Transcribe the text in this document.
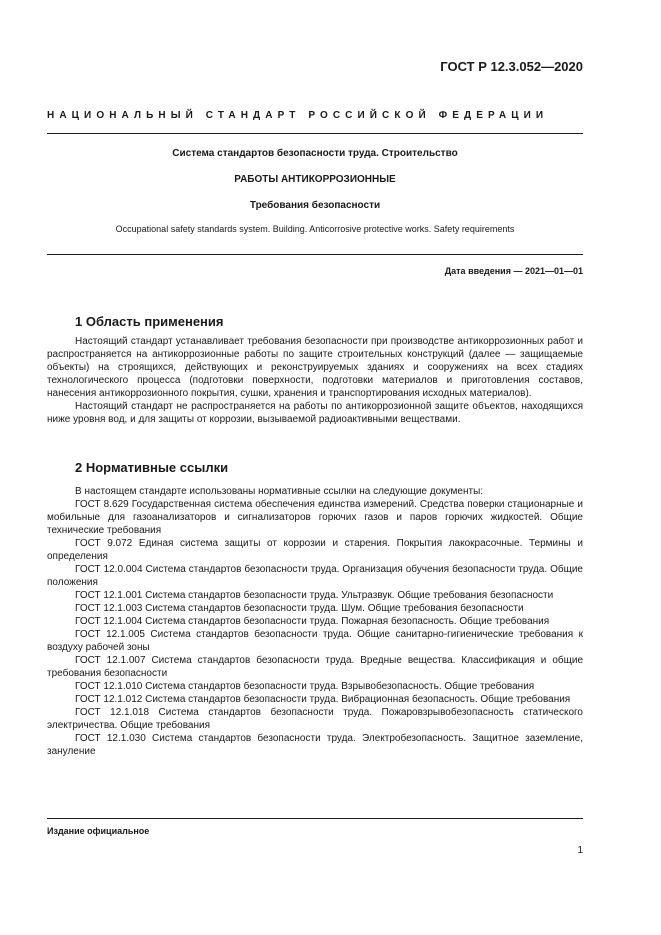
ГОСТ Р 12.3.052—2020
НАЦИОНАЛЬНЫЙ СТАНДАРТ РОССИЙСКОЙ ФЕДЕРАЦИИ
Система стандартов безопасности труда. Строительство
РАБОТЫ АНТИКОРРОЗИОННЫЕ
Требования безопасности
Occupational safety standards system. Building. Anticorrosive protective works. Safety requirements
Дата введения — 2021—01—01
1 Область применения

Настоящий стандарт устанавливает требования безопасности при производстве антикоррозионных работ и распространяется на антикоррозионные работы по защите строительных конструкций (далее — защищаемые объекты) на строящихся, действующих и реконструируемых зданиях и сооружениях на всех стадиях технологического процесса (подготовки поверхности, подготовки материалов и приготовления составов, нанесения антикоррозионного покрытия, сушки, хранения и транспортирования исходных материалов).

Настоящий стандарт не распространяется на работы по антикоррозионной защите объектов, находящихся ниже уровня вод, и для защиты от коррозии, вызываемой радиоактивными веществами.

2 Нормативные ссылки

В настоящем стандарте использованы нормативные ссылки на следующие документы:

ГОСТ 8.629 Государственная система обеспечения единства измерений. Средства поверки стационарные и мобильные для газоанализаторов и сигнализаторов горючих газов и паров горючих жидкостей. Общие технические требования

ГОСТ 9.072 Единая система защиты от коррозии и старения. Покрытия лакокрасочные. Термины и определения

ГОСТ 12.0.004 Система стандартов безопасности труда. Организация обучения безопасности труда. Общие положения

ГОСТ 12.1.001 Система стандартов безопасности труда. Ультразвук. Общие требования безопасности

ГОСТ 12.1.003 Система стандартов безопасности труда. Шум. Общие требования безопасности

ГОСТ 12.1.004 Система стандартов безопасности труда. Пожарная безопасность. Общие требования

ГОСТ 12.1.005 Система стандартов безопасности труда. Общие санитарно-гигиенические требования к воздуху рабочей зоны

ГОСТ 12.1.007 Система стандартов безопасности труда. Вредные вещества. Классификация и общие требования безопасности

ГОСТ 12.1.010 Система стандартов безопасности труда. Взрывобезопасность. Общие требования

ГОСТ 12.1.012 Система стандартов безопасности труда. Вибрационная безопасность. Общие требования

ГОСТ 12.1.018 Система стандартов безопасности труда. Пожаровзрывобезопасность статического электричества. Общие требования

ГОСТ 12.1.030 Система стандартов безопасности труда. Электробезопасность. Защитное заземление, зануление

Издание официальное
1
